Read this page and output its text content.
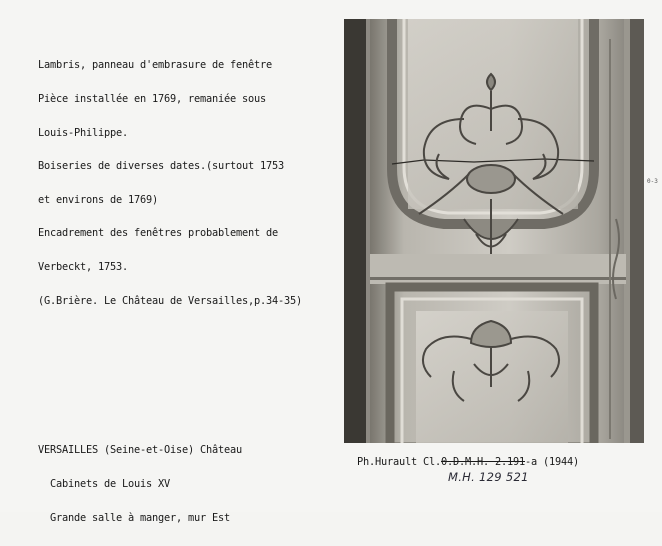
Lambris, panneau d'embrasure de fenêtre

Pièce installée en 1769, remaniée sous

Louis-Philippe.

Boiseries de diverses dates.(surtout 1753

et environs de 1769)

Encadrement des fenêtres probablement de

Verbeckt, 1753.

(G.Brière. Le Château de Versailles,p.34-35)

VERSAILLES (Seine-et-Oise) Château

Cabinets de Louis XV

Grande salle à manger, mur Est

Ph.Hurault Cl.0.D.M.H. 2.191-a (1944)
M.H. 129 521
0-3
